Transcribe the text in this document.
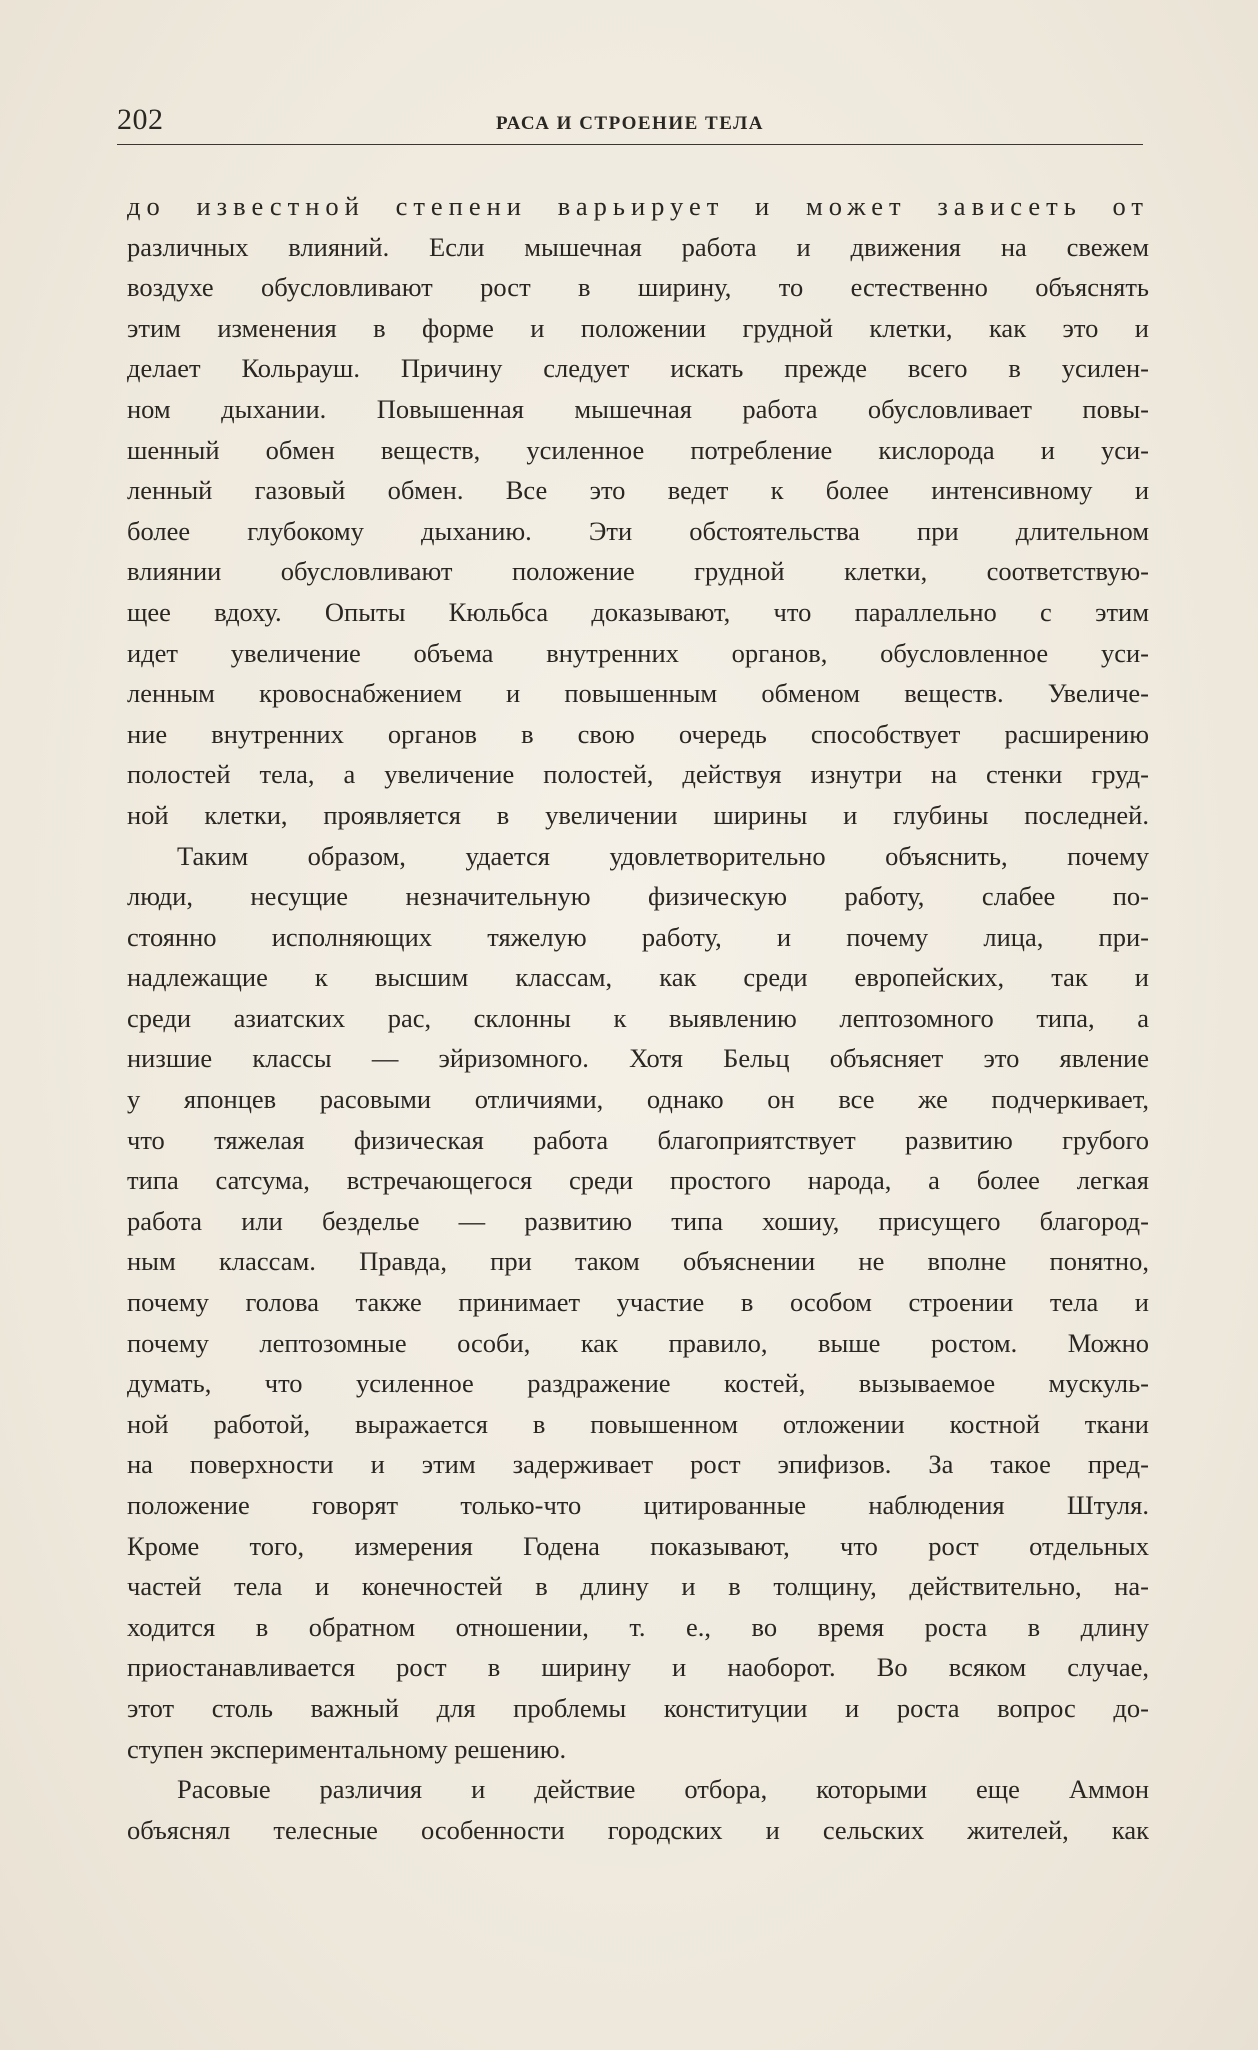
202	РАСА И СТРОЕНИЕ ТЕЛА
до известной степени варьирует и может зависеть от
различных влияний. Если мышечная работа и движения на свежем
воздухе обусловливают рост в ширину, то естественно объяснять
этим изменения в форме и положении грудной клетки, как это и
делает Кольрауш. Причину следует искать прежде всего в усилен-
ном дыхании. Повышенная мышечная работа обусловливает повы-
шенный обмен веществ, усиленное потребление кислорода и уси-
ленный газовый обмен. Все это ведет к более интенсивному и
более глубокому дыханию. Эти обстоятельства при длительном
влиянии обусловливают положение грудной клетки, соответствую-
щее вдоху. Опыты Кюльбса доказывают, что параллельно с этим
идет увеличение объема внутренних органов, обусловленное уси-
ленным кровоснабжением и повышенным обменом веществ. Увеличе-
ние внутренних органов в свою очередь способствует расширению
полостей тела, а увеличение полостей, действуя изнутри на стенки груд-
ной клетки, проявляется в увеличении ширины и глубины последней.
Таким образом, удается удовлетворительно объяснить, почему
люди, несущие незначительную физическую работу, слабее по-
стоянно исполняющих тяжелую работу, и почему лица, при-
надлежащие к высшим классам, как среди европейских, так и
среди азиатских рас, склонны к выявлению лептозомного типа, а
низшие классы — эйризомного. Хотя Бельц объясняет это явление
у японцев расовыми отличиями, однако он все же подчеркивает,
что тяжелая физическая работа благоприятствует развитию грубого
типа сатсума, встречающегося среди простого народа, а более легкая
работа или безделье — развитию типа хошиу, присущего благород-
ным классам. Правда, при таком объяснении не вполне понятно,
почему голова также принимает участие в особом строении тела и
почему лептозомные особи, как правило, выше ростом. Можно
думать, что усиленное раздражение костей, вызываемое мускуль-
ной работой, выражается в повышенном отложении костной ткани
на поверхности и этим задерживает рост эпифизов. За такое пред-
положение говорят только-что цитированные наблюдения Штуля.
Кроме того, измерения Годена показывают, что рост отдельных
частей тела и конечностей в длину и в толщину, действительно, на-
ходится в обратном отношении, т. е., во время роста в длину
приостанавливается рост в ширину и наоборот. Во всяком случае,
этот столь важный для проблемы конституции и роста вопрос до-
ступен экспериментальному решению.
Расовые различия и действие отбора, которыми еще Аммон
объяснял телесные особенности городских и сельских жителей, как
